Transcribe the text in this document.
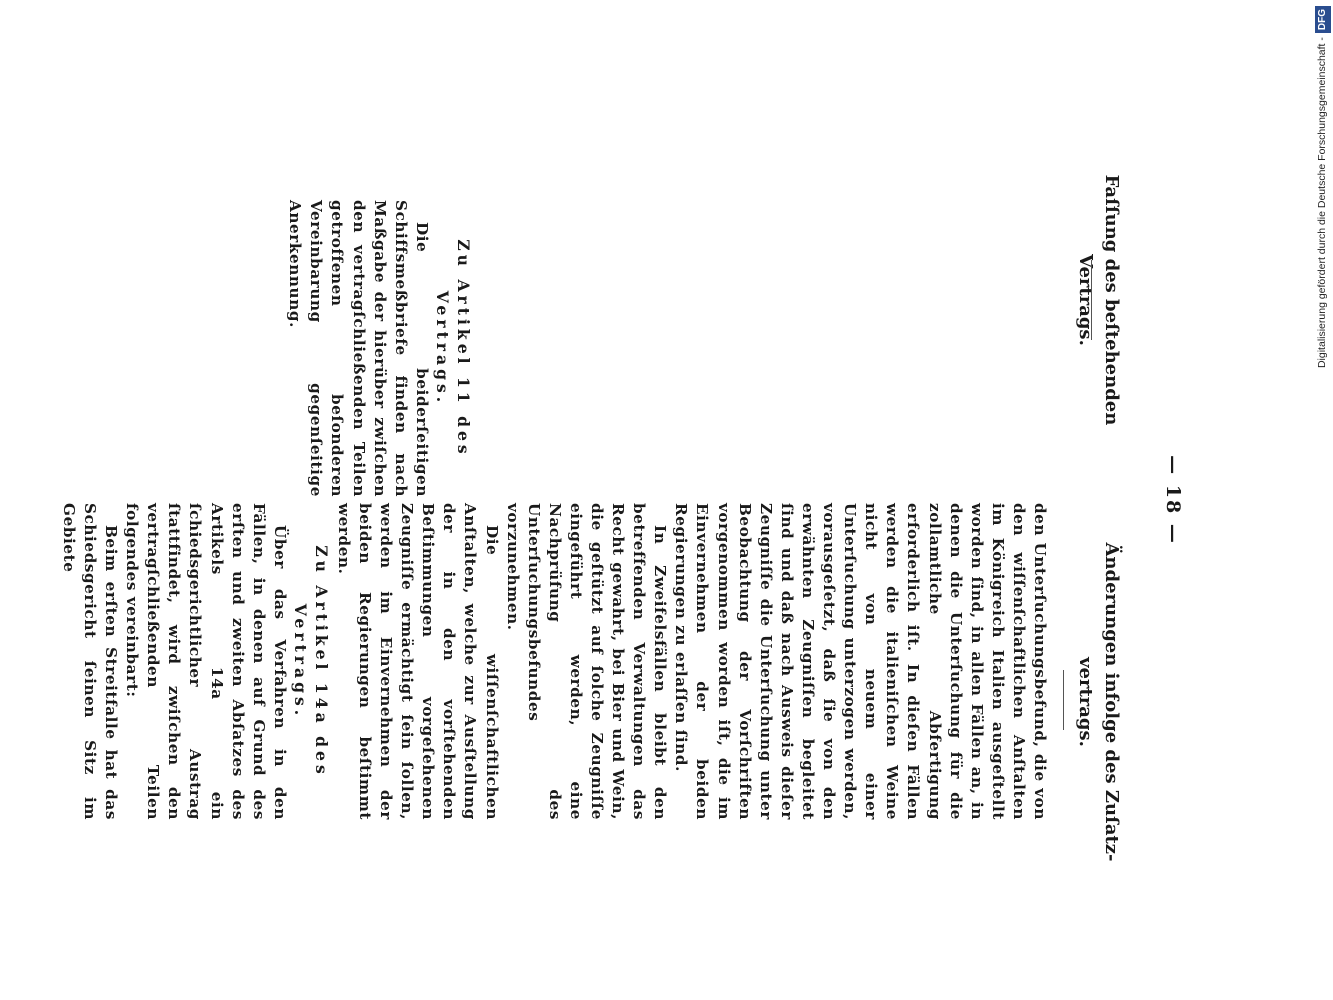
— 18 —
Faſſung des beſtehenden Vertrags.
Änderungen infolge des Zuſatz-vertrags.

den Unterſuchungsbefund, die von den wiſſenſchaftlichen Anſtalten im Königreich Italien ausgeſtellt worden ſind, in allen Fällen an, in denen die Unterſuchung für die zollamtliche Abfertigung erforderlich iſt. In dieſen Fällen werden die italieniſchen Weine nicht von neuem einer Unterſuchung unterzogen werden, vorausgeſetzt, daß ſie von den erwähnten Zeugniſſen begleitet ſind und daß nach Ausweis dieſer Zeugniſſe die Unterſuchung unter Beobachtung der Vorſchriften vorgenommen worden iſt, die im Einvernehmen der beiden Regierungen zu erlaſſen ſind.

In Zweifelsfällen bleibt den betreffenden Verwaltungen das Recht gewahrt, bei Bier und Wein, die geſtützt auf ſolche Zeugniſſe eingeführt werden, eine Nachprüfung des Unterſuchungsbefundes vorzunehmen.

Die wiſſenſchaftlichen Anſtalten, welche zur Ausſtellung der in den vorſtehenden Beſtimmungen vorgeſehenen Zeugniſſe ermächtigt ſein ſollen, werden im Einvernehmen der beiden Regierungen beſtimmt werden.

Zu Artikel 11 des Vertrags.

Die beiderſeitigen Schiffsmeßbriefe finden nach Maßgabe der hierüber zwiſchen den vertragſchließenden Teilen getroffenen beſonderen Vereinbarung gegenſeitige Anerkennung.

Zu Artikel 14a des Vertrags.

Über das Verfahren in den Fällen, in denen auf Grund des erſten und zweiten Abſatzes des Artikels 14a ein ſchiedsgerichtlicher Austrag ſtattfindet, wird zwiſchen den vertragſchließenden Teilen folgendes vereinbart:

Beim erſten Streitfalle hat das Schiedsgericht ſeinen Sitz im Gebiete

Digitalisierung gefördert durch die Deutsche Forschungsgemeinschaft -DFG
